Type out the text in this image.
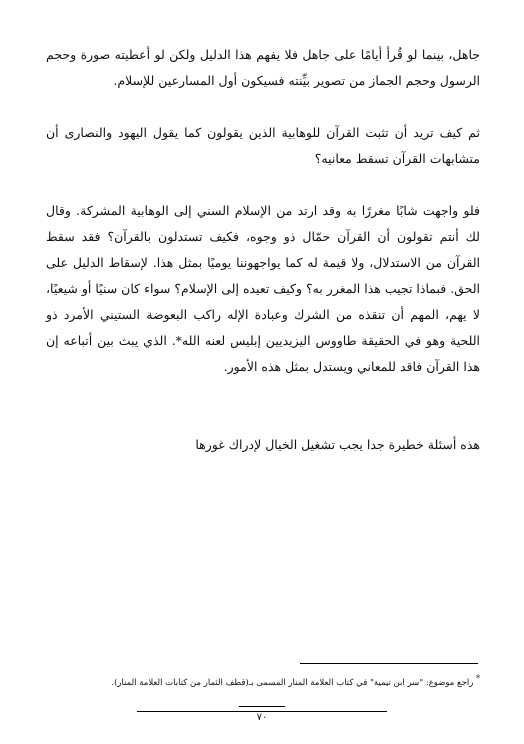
جاهل، بينما لو قُرأ أيامًا على جاهل فلا يفهم هذا الدليل ولكن لو أعطيته صورة وحجم الرسول وحجم الجماز من تصوير بيِّنته فسيكون أول المسارعين للإسلام.

ثم كيف تريد أن تثبت القرآن للوهابية الذين يقولون كما يقول اليهود والنصارى أن متشابهات القرآن تسقط معانيه؟

فلو واجهت شابًا مغررًا به وقد ارتد من الإسلام السني إلى الوهابية المشركة. وقال لك أنتم تقولون أن القرآن حمّال ذو وجوه، فكيف تستدلون بالقرآن؟ فقد سقط القرآن من الاستدلال، ولا قيمة له كما يواجهوننا يوميًا بمثل هذا. لإسقاط الدليل على الحق. فبماذا تجيب هذا المغرر به؟ وكيف تعيده إلى الإسلام؟ سواء كان سنيًا أو شيعيًا، لا يهم، المهم أن تنقذه من الشرك وعبادة الإله راكب البعوضة الستيني الأمرد ذو اللحية وهو في الحقيقة طاووس اليزيديين إبليس لعنه الله*. الذي يبث بين أتباعه إن هذا القرآن فاقد للمعاني ويستدل بمثل هذه الأمور.

هذه أسئلة خطيرة جدا يجب تشغيل الخيال لإدراك غورها

* راجع موضوع: "سر ابن تيمية" في كتاب العلامة المنار المسمى بـ(قطف الثمار من كتابات العلامة المنار).

٧٠
